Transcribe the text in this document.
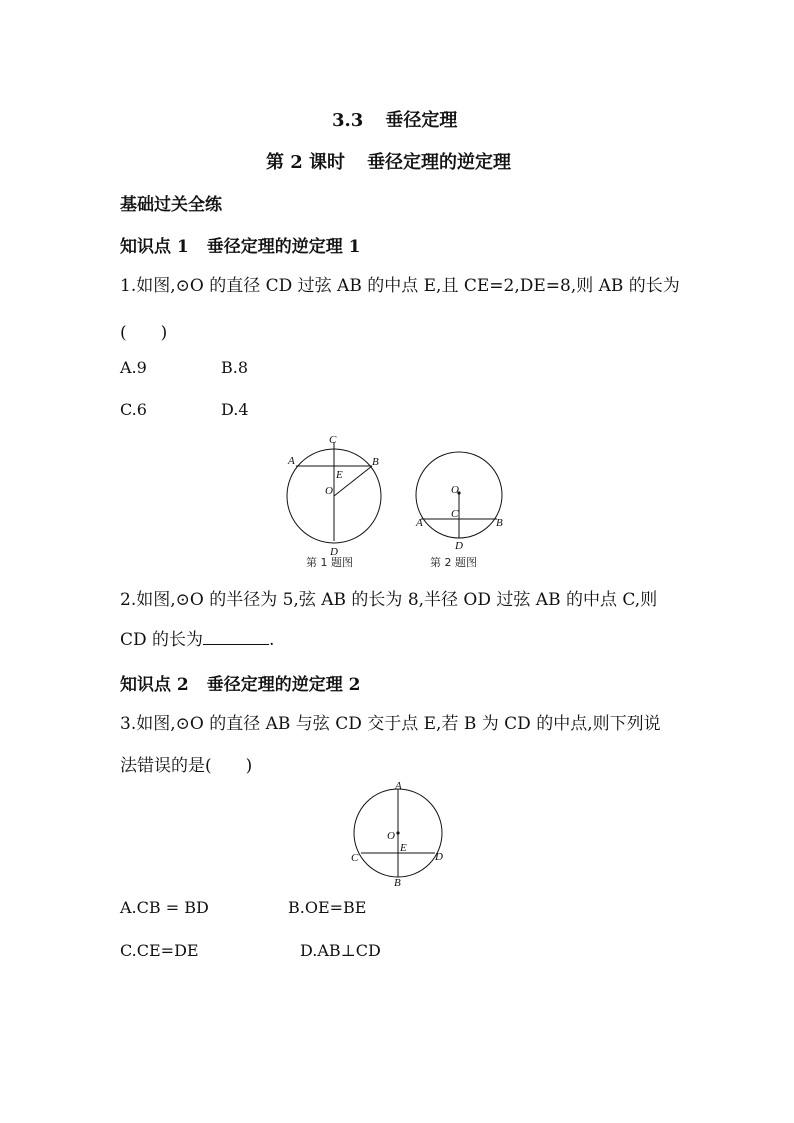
3.3 垂径定理
第 2 课时 垂径定理的逆定理
基础过关全练
知识点 1 垂径定理的逆定理 1
1.如图,⊙O 的直径 CD 过弦 AB 的中点 E,且 CE=2,DE=8,则 AB 的长为
(　　)
A.9	B.8
C.6	D.4
C
A	B
E
O
D
第 1 题图
O
C
A	B
D
第 2 题图
2.如图,⊙O 的半径为 5,弦 AB 的长为 8,半径 OD 过弦 AB 的中点 C,则
CD 的长为	.
知识点 2 垂径定理的逆定理 2
3.如图,⊙O 的直径 AB 与弦 CD 交于点 E,若 B 为 CD 的中点,则下列说
法错误的是(　　)
A
O
E
C	D
B
A.CB = BD	B.OE=BE
C.CE=DE	D.AB⊥CD
